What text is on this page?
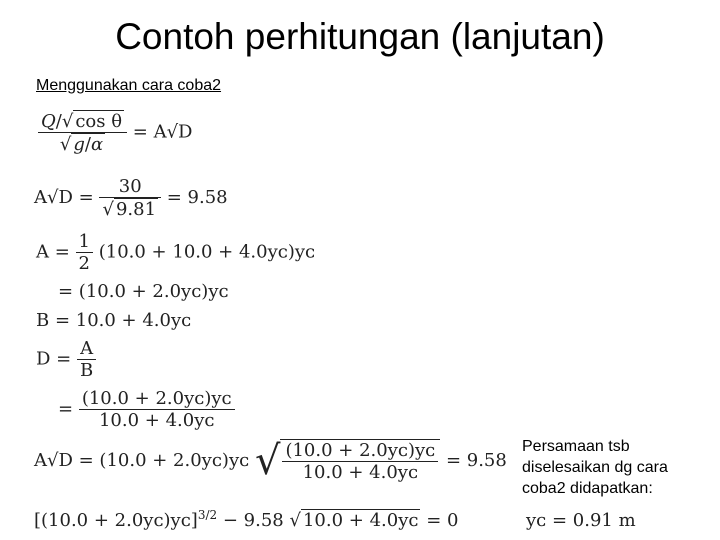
Contoh perhitungan (lanjutan)
Menggunakan cara coba2
$\frac{\text{Q/√ cos θ}}{√ g/\alpha} = A√D$
$A√D = \frac{30}{√ 9.81} = 9.58$
$A = \frac{1}{2} (10.0 + 10.0$ + 4.0yᴄ)yᴄ
= (10.0 + 2.0yᴄ)yᴄ
B = 10.0 + 4.0yᴄ
$D = \frac{A}{B}$
= $\frac{\text{(10.0 + 2.0yᴄ)yᴄ}}{\text{10.0 + 4.0yᴄ}}$
A√D = (10.0 + 2.0yᴄ)yᴄ √ $\frac{\text{(10.0 + 2.0yᴄ)yᴄ}}{\text{10.0 + 4.0yᴄ}} = 9.58$
[(10.0 + 2.0yᴄ)yᴄ]$^{3/2}$ − 9.58 √ 10.0 + 4.0yᴄ = 0
Persamaan tsb diselesaikan dg cara coba2 didapatkan:
yᴄ = 0.91 m
